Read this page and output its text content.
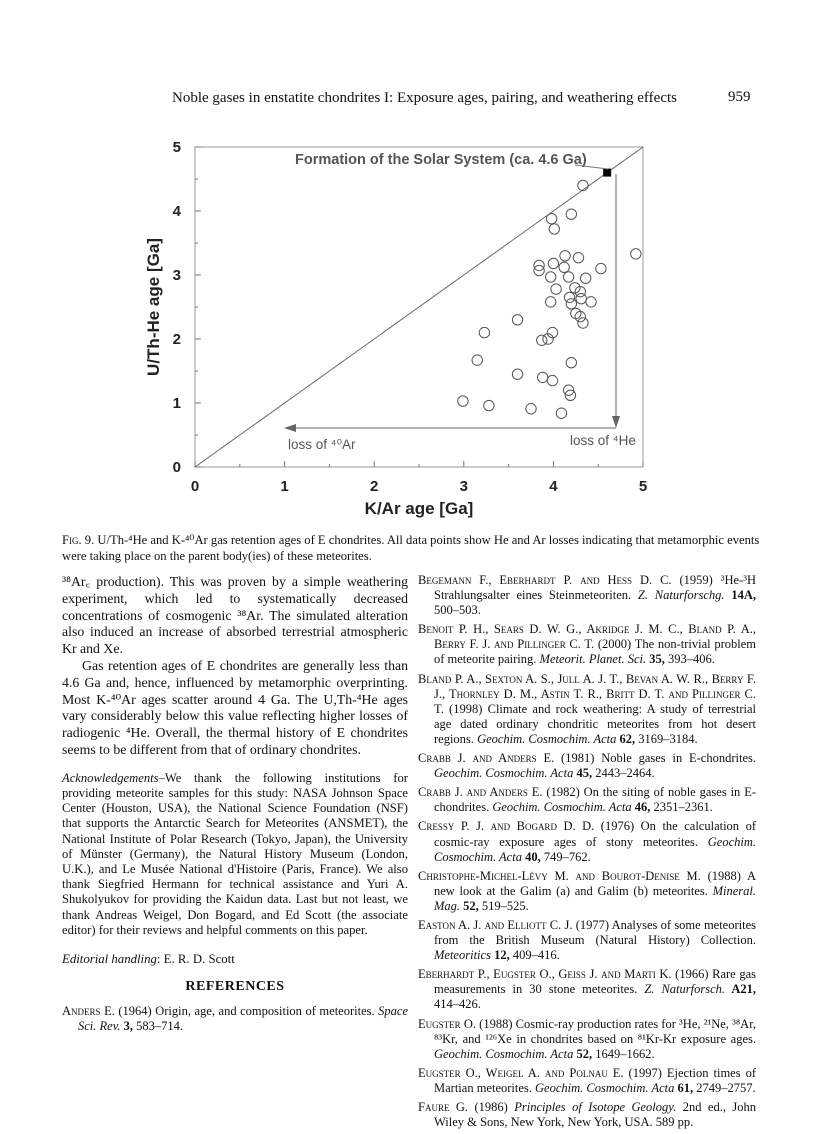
Noble gases in enstatite chondrites I: Exposure ages, pairing, and weathering effects	959
0	1	2	3	4	5
0
1
2
3
4
5
Formation of the Solar System (ca. 4.6 Ga)
loss of ⁴⁰Ar	loss of ⁴He
K/Ar age [Ga]
U/Th-He age [Ga]
Fig. 9. U/Th-⁴He and K-⁴⁰Ar gas retention ages of E chondrites. All data points show He and Ar losses indicating that metamorphic events were taking place on the parent body(ies) of these meteorites.

³⁸Ar꜀ production). This was proven by a simple weathering experiment, which led to systematically decreased concentrations of cosmogenic ³⁸Ar. The simulated alteration also induced an increase of absorbed terrestrial atmospheric Kr and Xe.

Gas retention ages of E chondrites are generally less than 4.6 Ga and, hence, influenced by metamorphic overprinting. Most K-⁴⁰Ar ages scatter around 4 Ga. The U,Th-⁴He ages vary considerably below this value reflecting higher losses of radiogenic ⁴He. Overall, the thermal history of E chondrites seems to be different from that of ordinary chondrites.

Acknowledgements–We thank the following institutions for providing meteorite samples for this study: NASA Johnson Space Center (Houston, USA), the National Science Foundation (NSF) that supports the Antarctic Search for Meteorites (ANSMET), the National Institute of Polar Research (Tokyo, Japan), the University of Münster (Germany), the Natural History Museum (London, U.K.), and Le Musée National d'Histoire (Paris, France). We also thank Siegfried Hermann for technical assistance and Yuri A. Shukolyukov for providing the Kaidun data. Last but not least, we thank Andreas Weigel, Don Bogard, and Ed Scott (the associate editor) for their reviews and helpful comments on this paper.

Editorial handling: E. R. D. Scott
REFERENCES

Anders E. (1964) Origin, age, and composition of meteorites. Space Sci. Rev. 3, 583–714.

Begemann F., Eberhardt P. and Hess D. C. (1959) ³He-³H Strahlungsalter eines Steinmeteoriten. Z. Naturforschg. 14A, 500–503.

Benoit P. H., Sears D. W. G., Akridge J. M. C., Bland P. A., Berry F. J. and Pillinger C. T. (2000) The non-trivial problem of meteorite pairing. Meteorit. Planet. Sci. 35, 393–406.

Bland P. A., Sexton A. S., Jull A. J. T., Bevan A. W. R., Berry F. J., Thornley D. M., Astin T. R., Britt D. T. and Pillinger C. T. (1998) Climate and rock weathering: A study of terrestrial age dated ordinary chondritic meteorites from hot desert regions. Geochim. Cosmochim. Acta 62, 3169–3184.

Crabb J. and Anders E. (1981) Noble gases in E-chondrites. Geochim. Cosmochim. Acta 45, 2443–2464.

Crabb J. and Anders E. (1982) On the siting of noble gases in E-chondrites. Geochim. Cosmochim. Acta 46, 2351–2361.

Cressy P. J. and Bogard D. D. (1976) On the calculation of cosmic-ray exposure ages of stony meteorites. Geochim. Cosmochim. Acta 40, 749–762.

Christophe-Michel-Lévy M. and Bourot-Denise M. (1988) A new look at the Galim (a) and Galim (b) meteorites. Mineral. Mag. 52, 519–525.

Easton A. J. and Elliott C. J. (1977) Analyses of some meteorites from the British Museum (Natural History) Collection. Meteoritics 12, 409–416.

Eberhardt P., Eugster O., Geiss J. and Marti K. (1966) Rare gas measurements in 30 stone meteorites. Z. Naturforsch. A21, 414–426.

Eugster O. (1988) Cosmic-ray production rates for ³He, ²¹Ne, ³⁸Ar, ⁸³Kr, and ¹²⁶Xe in chondrites based on ⁸¹Kr-Kr exposure ages. Geochim. Cosmochim. Acta 52, 1649–1662.

Eugster O., Weigel A. and Polnau E. (1997) Ejection times of Martian meteorites. Geochim. Cosmochim. Acta 61, 2749–2757.

Faure G. (1986) Principles of Isotope Geology. 2nd ed., John Wiley & Sons, New York, New York, USA. 589 pp.
